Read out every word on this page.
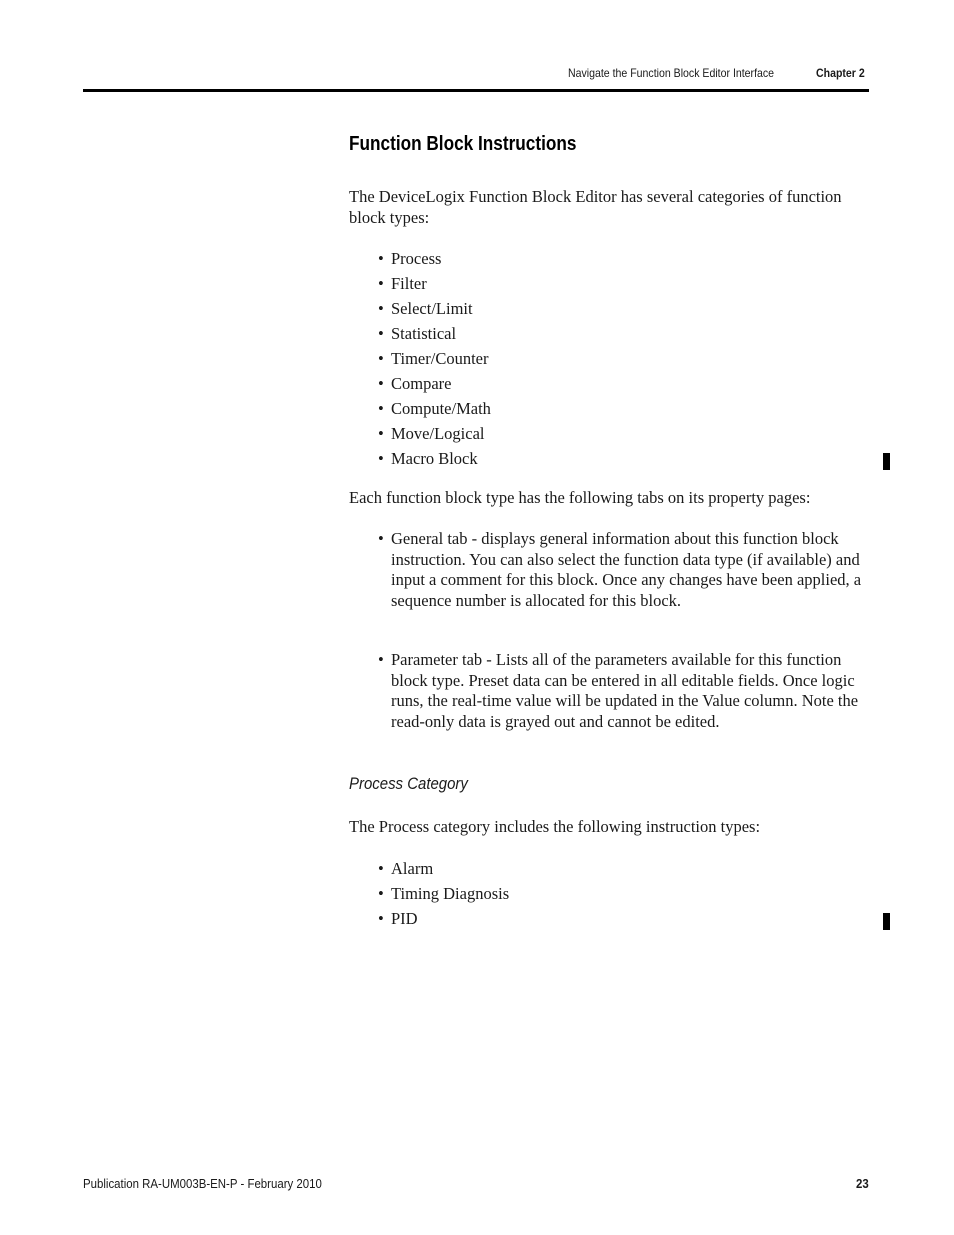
Navigate the Function Block Editor Interface	Chapter 2
Function Block Instructions

The DeviceLogix Function Block Editor has several categories of function block types:

• Process
• Filter
• Select/Limit
• Statistical
• Timer/Counter
• Compare
• Compute/Math
• Move/Logical
• Macro Block

Each function block type has the following tabs on its property pages:

• General tab - displays general information about this function block instruction. You can also select the function data type (if available) and input a comment for this block. Once any changes have been applied, a sequence number is allocated for this block.
• Parameter tab - Lists all of the parameters available for this function block type. Preset data can be entered in all editable fields. Once logic runs, the real-time value will be updated in the Value column. Note the read-only data is grayed out and cannot be edited.
Process Category

The Process category includes the following instruction types:

• Alarm
• Timing Diagnosis
• PID
Publication RA-UM003B-EN-P - February 2010	23
